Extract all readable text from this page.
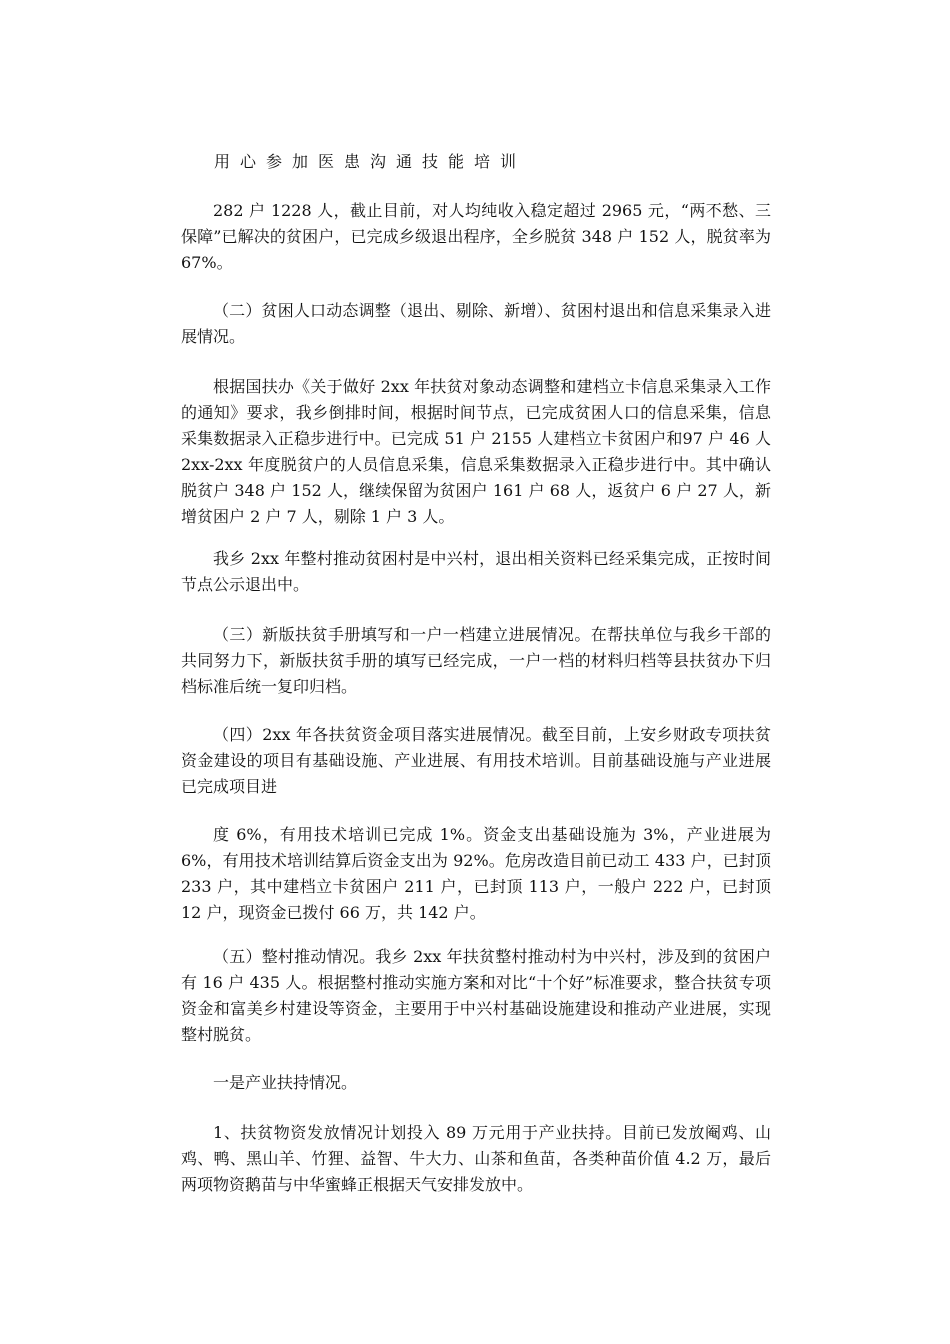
用心参加医患沟通技能培训

282 户 1228 人，截止目前，对人均纯收入稳定超过 2965 元，“两不愁、三保障”已解决的贫困户，已完成乡级退出程序，全乡脱贫 348 户 152 人，脱贫率为 67%。

（二）贫困人口动态调整（退出、剔除、新增）、贫困村退出和信息采集录入进展情况。

根据国扶办《关于做好 2xx 年扶贫对象动态调整和建档立卡信息采集录入工作的通知》要求，我乡倒排时间，根据时间节点，已完成贫困人口的信息采集，信息采集数据录入正稳步进行中。已完成 51 户 2155 人建档立卡贫困户和97 户 46 人 2xx-2xx 年度脱贫户的人员信息采集，信息采集数据录入正稳步进行中。其中确认脱贫户 348 户 152 人，继续保留为贫困户 161 户 68 人，返贫户 6 户 27 人，新增贫困户 2 户 7 人，剔除 1 户 3 人。

我乡 2xx 年整村推动贫困村是中兴村，退出相关资料已经采集完成，正按时间节点公示退出中。

（三）新版扶贫手册填写和一户一档建立进展情况。在帮扶单位与我乡干部的共同努力下，新版扶贫手册的填写已经完成，一户一档的材料归档等县扶贫办下归档标准后统一复印归档。

（四）2xx 年各扶贫资金项目落实进展情况。截至目前，上安乡财政专项扶贫资金建设的项目有基础设施、产业进展、有用技术培训。目前基础设施与产业进展已完成项目进

度 6%，有用技术培训已完成 1%。资金支出基础设施为 3%，产业进展为 6%，有用技术培训结算后资金支出为 92%。危房改造目前已动工 433 户，已封顶 233 户，其中建档立卡贫困户 211 户，已封顶 113 户，一般户 222 户，已封顶 12 户，现资金已拨付 66 万，共 142 户。

（五）整村推动情况。我乡 2xx 年扶贫整村推动村为中兴村，涉及到的贫困户有 16 户 435 人。根据整村推动实施方案和对比“十个好”标准要求，整合扶贫专项资金和富美乡村建设等资金，主要用于中兴村基础设施建设和推动产业进展，实现整村脱贫。

一是产业扶持情况。

1、扶贫物资发放情况计划投入 89 万元用于产业扶持。目前已发放阉鸡、山鸡、鸭、黑山羊、竹狸、益智、牛大力、山茶和鱼苗，各类种苗价值 4.2 万，最后两项物资鹅苗与中华蜜蜂正根据天气安排发放中。
